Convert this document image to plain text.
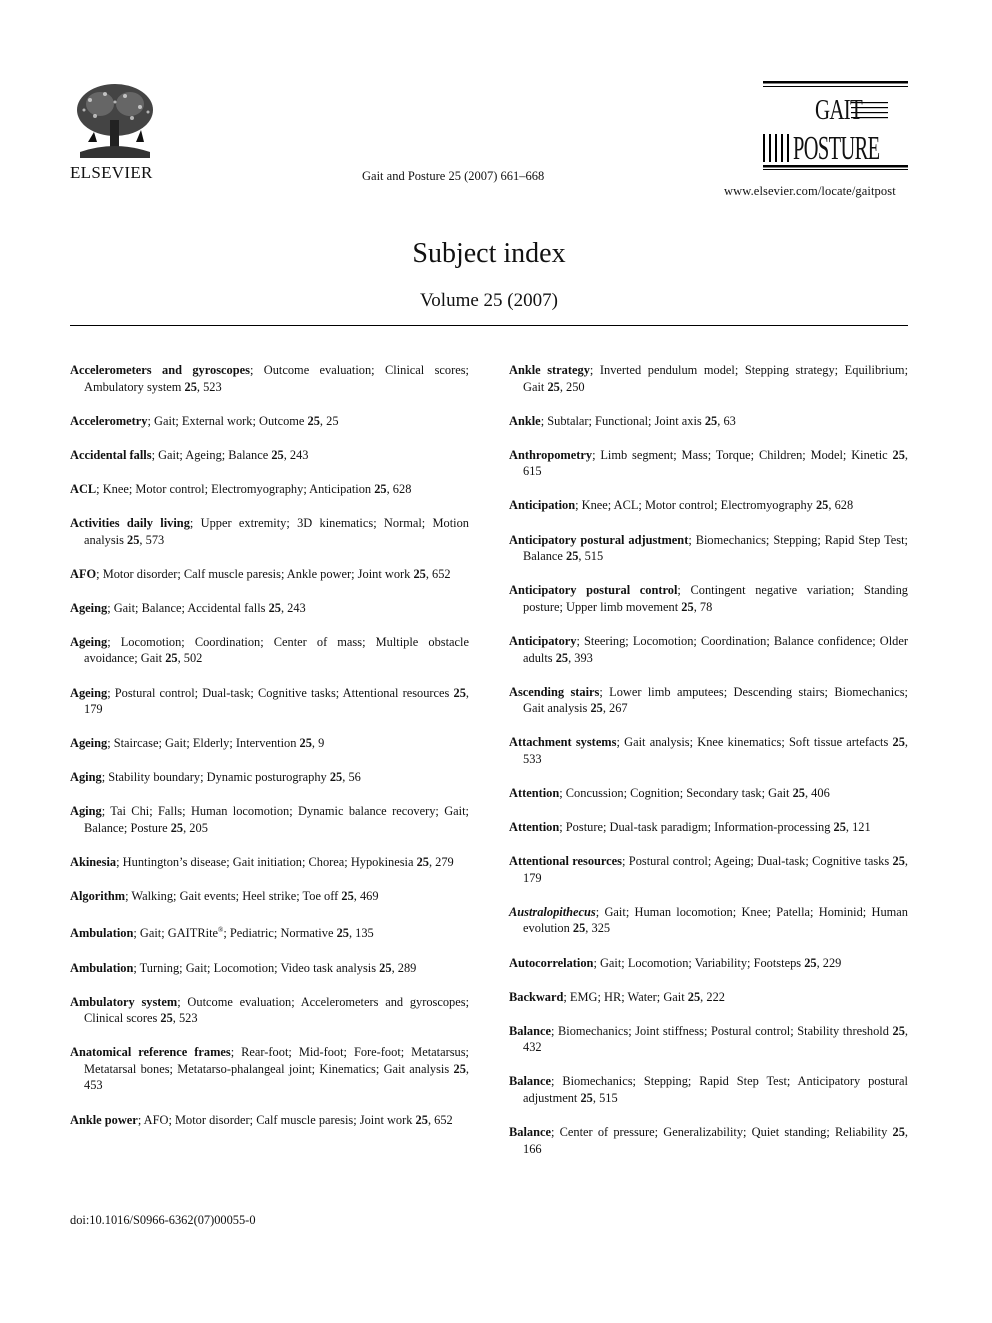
ELSEVIER	Gait and Posture 25 (2007) 661–668
GAIT
POSTURE
www.elsevier.com/locate/gaitpost
Subject index
Volume 25 (2007)

Accelerometers and gyroscopes; Outcome evaluation; Clinical scores; Ambulatory system 25, 523

Accelerometry; Gait; External work; Outcome 25, 25

Accidental falls; Gait; Ageing; Balance 25, 243

ACL; Knee; Motor control; Electromyography; Anticipation 25, 628

Activities daily living; Upper extremity; 3D kinematics; Normal; Motion analysis 25, 573

AFO; Motor disorder; Calf muscle paresis; Ankle power; Joint work 25, 652

Ageing; Gait; Balance; Accidental falls 25, 243

Ageing; Locomotion; Coordination; Center of mass; Multiple obstacle avoidance; Gait 25, 502

Ageing; Postural control; Dual-task; Cognitive tasks; Attentional resources 25, 179

Ageing; Staircase; Gait; Elderly; Intervention 25, 9

Aging; Stability boundary; Dynamic posturography 25, 56

Aging; Tai Chi; Falls; Human locomotion; Dynamic balance recovery; Gait; Balance; Posture 25, 205

Akinesia; Huntington’s disease; Gait initiation; Chorea; Hypokinesia 25, 279

Algorithm; Walking; Gait events; Heel strike; Toe off 25, 469

Ambulation; Gait; GAITRite®; Pediatric; Normative 25, 135

Ambulation; Turning; Gait; Locomotion; Video task analysis 25, 289

Ambulatory system; Outcome evaluation; Accelerometers and gyroscopes; Clinical scores 25, 523

Anatomical reference frames; Rear-foot; Mid-foot; Fore-foot; Metatarsus; Metatarsal bones; Metatarso-phalangeal joint; Kinematics; Gait analysis 25, 453

Ankle power; AFO; Motor disorder; Calf muscle paresis; Joint work 25, 652

Ankle strategy; Inverted pendulum model; Stepping strategy; Equilibrium; Gait 25, 250

Ankle; Subtalar; Functional; Joint axis 25, 63

Anthropometry; Limb segment; Mass; Torque; Children; Model; Kinetic 25, 615

Anticipation; Knee; ACL; Motor control; Electromyography 25, 628

Anticipatory postural adjustment; Biomechanics; Stepping; Rapid Step Test; Balance 25, 515

Anticipatory postural control; Contingent negative variation; Standing posture; Upper limb movement 25, 78

Anticipatory; Steering; Locomotion; Coordination; Balance confidence; Older adults 25, 393

Ascending stairs; Lower limb amputees; Descending stairs; Biomechanics; Gait analysis 25, 267

Attachment systems; Gait analysis; Knee kinematics; Soft tissue artefacts 25, 533

Attention; Concussion; Cognition; Secondary task; Gait 25, 406

Attention; Posture; Dual-task paradigm; Information-processing 25, 121

Attentional resources; Postural control; Ageing; Dual-task; Cognitive tasks 25, 179

Australopithecus; Gait; Human locomotion; Knee; Patella; Hominid; Human evolution 25, 325

Autocorrelation; Gait; Locomotion; Variability; Footsteps 25, 229

Backward; EMG; HR; Water; Gait 25, 222

Balance; Biomechanics; Joint stiffness; Postural control; Stability threshold 25, 432

Balance; Biomechanics; Stepping; Rapid Step Test; Anticipatory postural adjustment 25, 515

Balance; Center of pressure; Generalizability; Quiet standing; Reliability 25, 166

doi:10.1016/S0966-6362(07)00055-0
